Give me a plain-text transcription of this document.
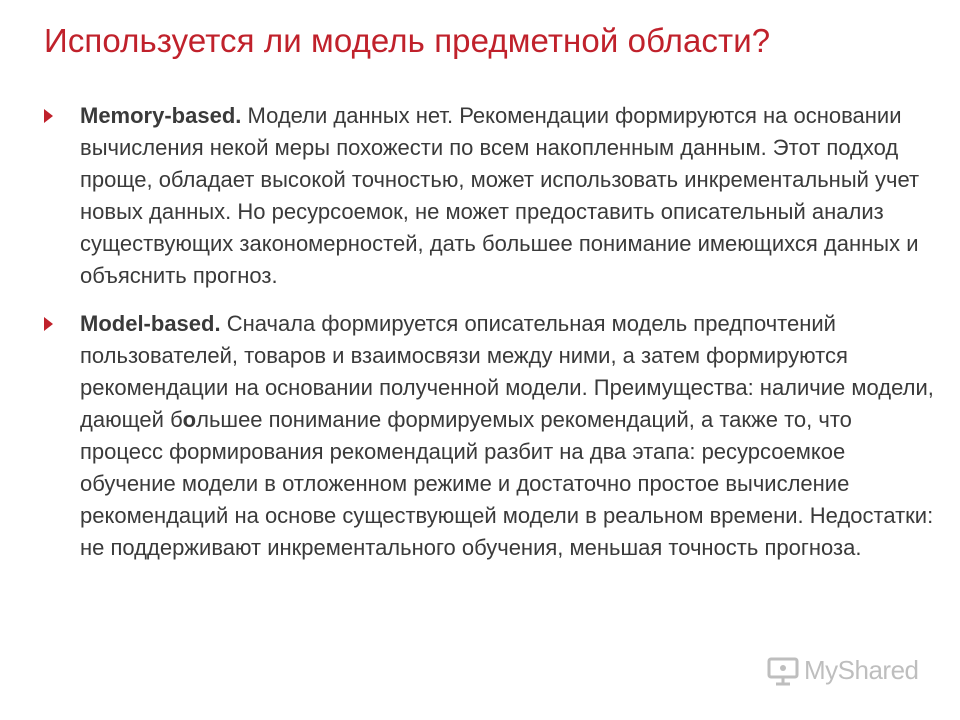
Используется ли модель предметной области?
Memory-based. Модели данных нет. Рекомендации формируются на основании вычисления некой меры похожести по всем накопленным данным. Этот подход проще, обладает высокой точностью, может использовать инкрементальный учет новых данных. Но ресурсоемок, не может предоставить описательный анализ существующих закономерностей, дать большее понимание имеющихся данных и объяснить прогноз.
Model-based. Сначала формируется описательная модель предпочтений пользователей, товаров и взаимосвязи между ними, а затем формируются рекомендации на основании полученной модели. Преимущества: наличие модели, дающей большее понимание формируемых рекомендаций, а также то, что процесс формирования рекомендаций разбит на два этапа: ресурсоемкое обучение модели в отложенном режиме и достаточно простое вычисление рекомендаций на основе существующей модели в реальном времени. Недостатки: не поддерживают инкрементального обучения, меньшая точность прогноза.
MyShared
